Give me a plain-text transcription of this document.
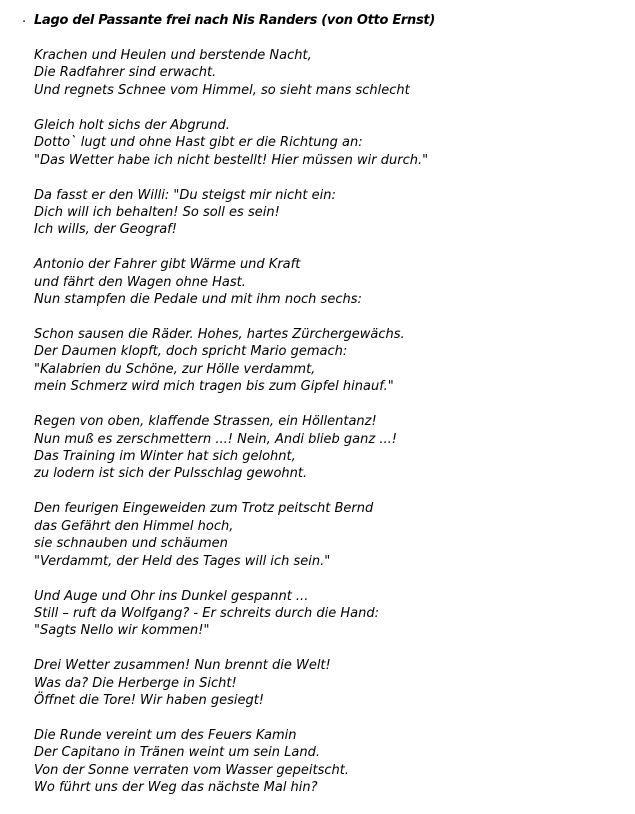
· Lago del Passante frei nach Nis Randers (von Otto Ernst)
Krachen und Heulen und berstende Nacht,
Die Radfahrer sind erwacht.
Und regnets Schnee vom Himmel, so sieht mans schlecht
Gleich holt sichs der Abgrund.
Dotto` lugt und ohne Hast gibt er die Richtung an:
"Das Wetter habe ich nicht bestellt! Hier müssen wir durch."
Da fasst er den Willi: "Du steigst mir nicht ein:
Dich will ich behalten! So soll es sein!
Ich wills, der Geograf!
Antonio der Fahrer gibt Wärme und Kraft
und fährt den Wagen ohne Hast.
Nun stampfen die Pedale und mit ihm noch sechs:
Schon sausen die Räder. Hohes, hartes Zürchergewächs.
Der Daumen klopft, doch spricht Mario gemach:
"Kalabrien du Schöne, zur Hölle verdammt,
mein Schmerz wird mich tragen bis zum Gipfel hinauf."
Regen von oben, klaffende Strassen, ein Höllentanz!
Nun muß es zerschmettern ...! Nein, Andi blieb ganz ...!
Das Training im Winter hat sich gelohnt,
zu lodern ist sich der Pulsschlag gewohnt.
Den feurigen Eingeweiden zum Trotz peitscht Bernd
das Gefährt den Himmel hoch,
sie schnauben und schäumen
"Verdammt, der Held des Tages will ich sein."
Und Auge und Ohr ins Dunkel gespannt ...
Still – ruft da Wolfgang? - Er schreits durch die Hand:
"Sagts Nello wir kommen!"
Drei Wetter zusammen! Nun brennt die Welt!
Was da? Die Herberge in Sicht!
Öffnet die Tore! Wir haben gesiegt!
Die Runde vereint um des Feuers Kamin
Der Capitano in Tränen weint um sein Land.
Von der Sonne verraten vom Wasser gepeitscht.
Wo führt uns der Weg das nächste Mal hin?
